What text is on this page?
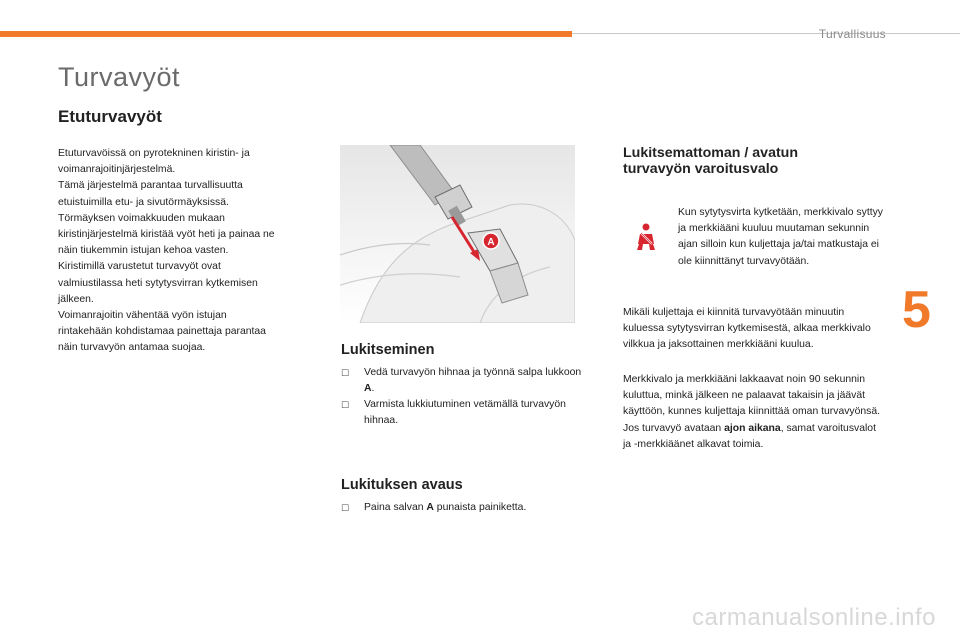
Turvallisuus
Turvavyöt
Etuturvavyöt

Etuturvavöissä on pyrotekninen kiristin- ja

voimanrajoitinjärjestelmä.

Tämä järjestelmä parantaa turvallisuutta

etuistuimilla etu- ja sivutörmäyksissä.

Törmäyksen voimakkuuden mukaan

kiristinjärjestelmä kiristää vyöt heti ja painaa ne

näin tiukemmin istujan kehoa vasten.

Kiristimillä varustetut turvavyöt ovat

valmiustilassa heti sytytysvirran kytkemisen

jälkeen.

Voimanrajoitin vähentää vyön istujan

rintakehään kohdistamaa painettaja parantaa

näin turvavyön antamaa suojaa.

A
Lukitseminen
☐	Vedä turvavyön hihnaa ja työnnä salpa lukkoon A.
☐	Varmista lukkiutuminen vetämällä turvavyön hihnaa.
Lukituksen avaus
☐	Paina salvan A punaista painiketta.
Lukitsemattoman / avatun
turvavyön varoitusvalo
Kun sytytysvirta kytketään, merkkivalo syttyy ja merkkiääni kuuluu muutaman sekunnin ajan silloin kun kuljettaja ja/tai matkustaja ei ole kiinnittänyt turvavyötään.

Mikäli kuljettaja ei kiinnitä turvavyötään minuutin kuluessa sytytysvirran kytkemisestä, alkaa merkkivalo vilkkua ja jaksottainen merkkiääni kuulua.

Merkkivalo ja merkkiääni lakkaavat noin 90 sekunnin kuluttua, minkä jälkeen ne palaavat takaisin ja jäävät käyttöön, kunnes kuljettaja kiinnittää oman turvavyönsä.
Jos turvavyö avataan ajon aikana, samat varoitusvalot ja -merkkiäänet alkavat toimia.

5
carmanualsonline.info
